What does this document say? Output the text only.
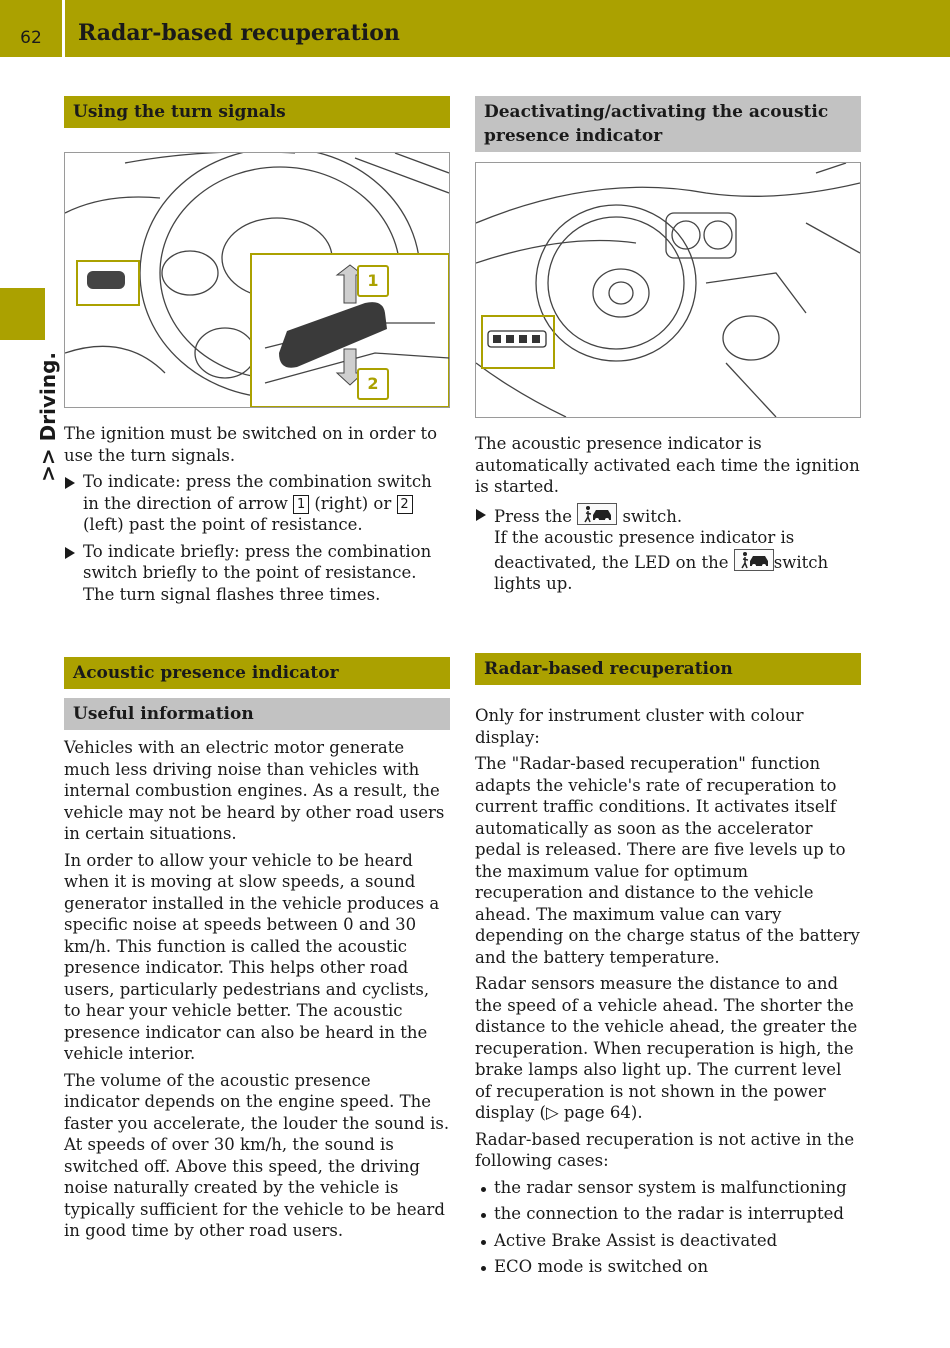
62	Radar-based recuperation
>> Driving.
Using the turn signals
1
2

The ignition must be switched on in order to use the turn signals.

To indicate: press the combination switch in the direction of arrow 1 (right) or 2 (left) past the point of resistance.
To indicate briefly: press the combination switch briefly to the point of resistance. The turn signal flashes three times.
Acoustic presence indicator
Useful information

Vehicles with an electric motor generate much less driving noise than vehicles with internal combustion engines. As a result, the vehicle may not be heard by other road users in certain situations.

In order to allow your vehicle to be heard when it is moving at slow speeds, a sound generator installed in the vehicle produces a specific noise at speeds between 0 and 30 km/h. This function is called the acoustic presence indicator. This helps other road users, particularly pedestrians and cyclists, to hear your vehicle better. The acoustic presence indicator can also be heard in the vehicle interior.

The volume of the acoustic presence indicator depends on the engine speed. The faster you accelerate, the louder the sound is. At speeds of over 30 km/h, the sound is switched off. Above this speed, the driving noise naturally created by the vehicle is typically sufficient for the vehicle to be heard in good time by other road users.

Deactivating/activating the acoustic presence indicator

The acoustic presence indicator is automatically activated each time the ignition is started.

Press the	switch.
If the acoustic presence indicator is deactivated, the LED on the	switch lights up.
Radar-based recuperation

Only for instrument cluster with colour display:

The "Radar-based recuperation" function adapts the vehicle's rate of recuperation to current traffic conditions. It activates itself automatically as soon as the accelerator pedal is released. There are five levels up to the maximum value for optimum recuperation and distance to the vehicle ahead. The maximum value can vary depending on the charge status of the battery and the battery temperature.

Radar sensors measure the distance to and the speed of a vehicle ahead. The shorter the distance to the vehicle ahead, the greater the recuperation. When recuperation is high, the brake lamps also light up. The current level of recuperation is not shown in the power display (▷ page 64).

Radar-based recuperation is not active in the following cases:

the radar sensor system is malfunctioning
the connection to the radar is interrupted
Active Brake Assist is deactivated
ECO mode is switched on
